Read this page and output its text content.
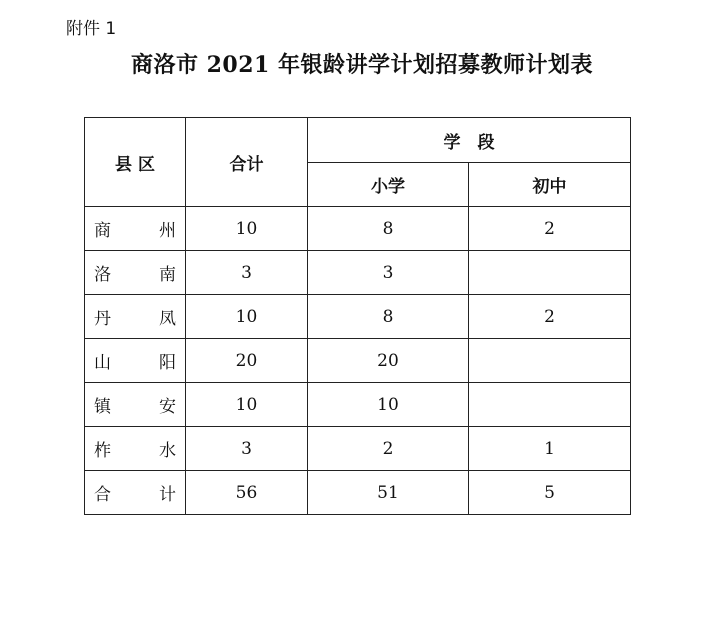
附件 1
商洛市 2021 年银龄讲学计划招募教师计划表
县 区	合计	学　段	
		小学	初中

商 州	10	8	2

洛 南	3	3	

丹 凤	10	8	2

山 阳	20	20	

镇 安	10	10	

柞 水	3	2	1

合 计	56	51	5
